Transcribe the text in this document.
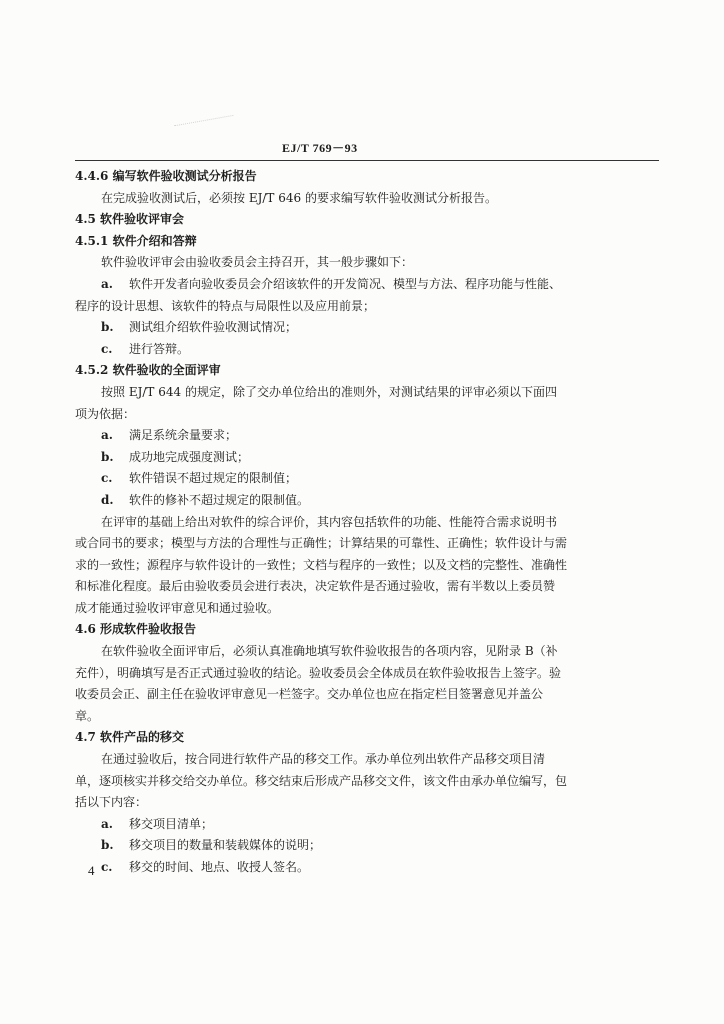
EJ/T 769－93
4.4.6 编写软件验收测试分析报告
在完成验收测试后，必须按 EJ/T 646 的要求编写软件验收测试分析报告。
4.5 软件验收评审会
4.5.1 软件介绍和答辩
软件验收评审会由验收委员会主持召开，其一般步骤如下：
a. 软件开发者向验收委员会介绍该软件的开发简况、模型与方法、程序功能与性能、
程序的设计思想、该软件的特点与局限性以及应用前景；
b. 测试组介绍软件验收测试情况；
c. 进行答辩。
4.5.2 软件验收的全面评审
按照 EJ/T 644 的规定，除了交办单位给出的准则外，对测试结果的评审必须以下面四
项为依据：
a. 满足系统余量要求；
b. 成功地完成强度测试；
c. 软件错误不超过规定的限制值；
d. 软件的修补不超过规定的限制值。
在评审的基础上给出对软件的综合评价，其内容包括软件的功能、性能符合需求说明书
或合同书的要求；模型与方法的合理性与正确性；计算结果的可靠性、正确性；软件设计与需
求的一致性；源程序与软件设计的一致性；文档与程序的一致性；以及文档的完整性、准确性
和标准化程度。最后由验收委员会进行表决，决定软件是否通过验收，需有半数以上委员赞
成才能通过验收评审意见和通过验收。
4.6 形成软件验收报告
在软件验收全面评审后，必须认真准确地填写软件验收报告的各项内容，见附录 B（补
充件），明确填写是否正式通过验收的结论。验收委员会全体成员在软件验收报告上签字。验
收委员会正、副主任在验收评审意见一栏签字。交办单位也应在指定栏目签署意见并盖公
章。
4.7 软件产品的移交
在通过验收后，按合同进行软件产品的移交工作。承办单位列出软件产品移交项目清
单，逐项核实并移交给交办单位。移交结束后形成产品移交文件，该文件由承办单位编写，包
括以下内容：
a. 移交项目清单；
b. 移交项目的数量和装载媒体的说明；
c. 移交的时间、地点、收授人签名。
4
